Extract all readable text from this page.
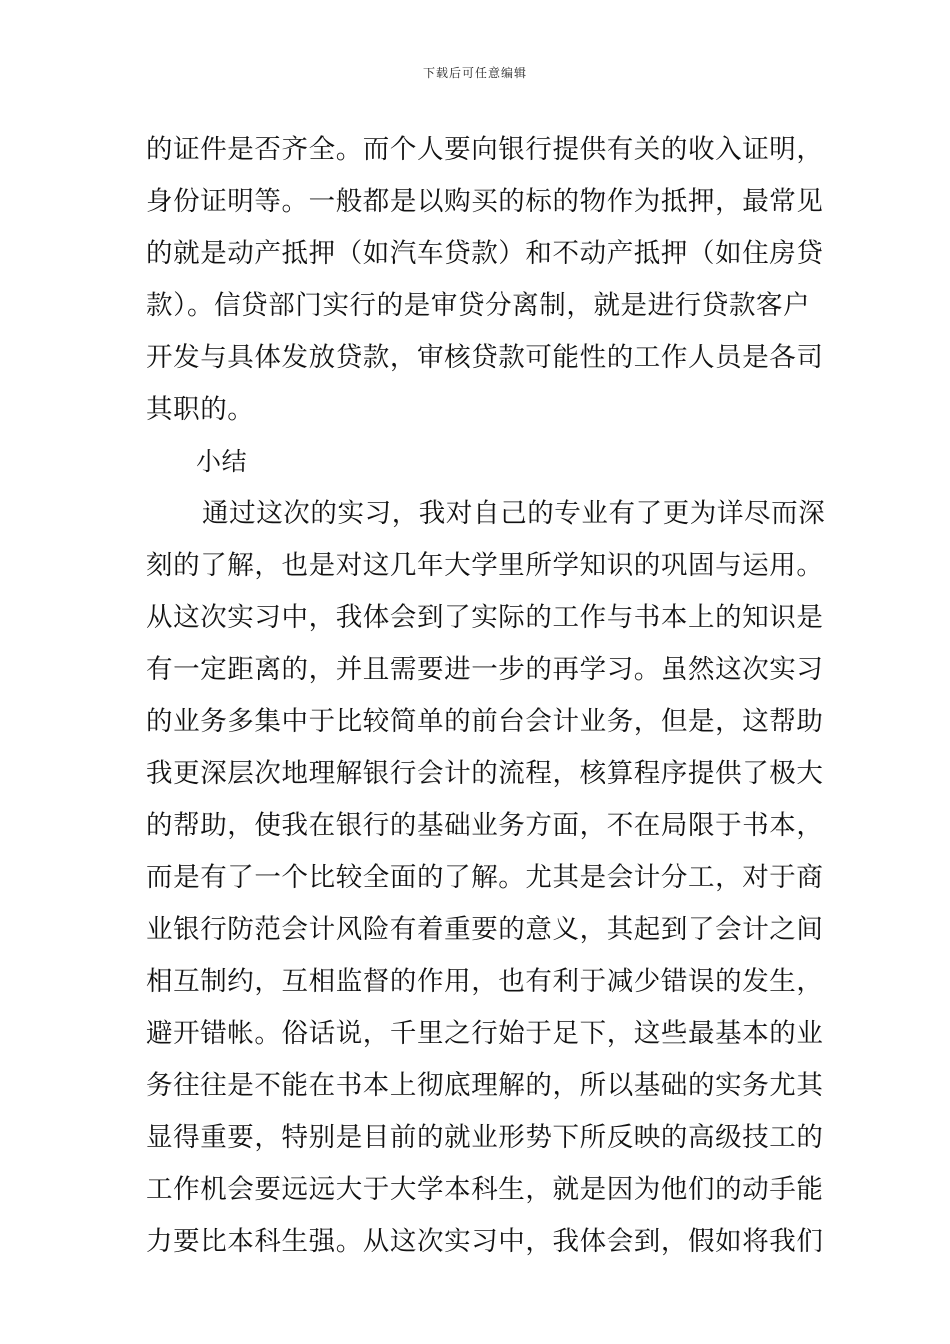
下载后可任意编辑
的证件是否齐全。而个人要向银行提供有关的收入证明，
身份证明等。一般都是以购买的标的物作为抵押，最常见
的就是动产抵押（如汽车贷款）和不动产抵押（如住房贷
款）。信贷部门实行的是审贷分离制，就是进行贷款客户
开发与具体发放贷款，审核贷款可能性的工作人员是各司
其职的。
小结
通过这次的实习，我对自己的专业有了更为详尽而深
刻的了解，也是对这几年大学里所学知识的巩固与运用。
从这次实习中，我体会到了实际的工作与书本上的知识是
有一定距离的，并且需要进一步的再学习。虽然这次实习
的业务多集中于比较简单的前台会计业务，但是，这帮助
我更深层次地理解银行会计的流程，核算程序提供了极大
的帮助，使我在银行的基础业务方面，不在局限于书本，
而是有了一个比较全面的了解。尤其是会计分工，对于商
业银行防范会计风险有着重要的意义，其起到了会计之间
相互制约，互相监督的作用，也有利于减少错误的发生，
避开错帐。俗话说，千里之行始于足下，这些最基本的业
务往往是不能在书本上彻底理解的，所以基础的实务尤其
显得重要，特别是目前的就业形势下所反映的高级技工的
工作机会要远远大于大学本科生，就是因为他们的动手能
力要比本科生强。从这次实习中，我体会到，假如将我们
